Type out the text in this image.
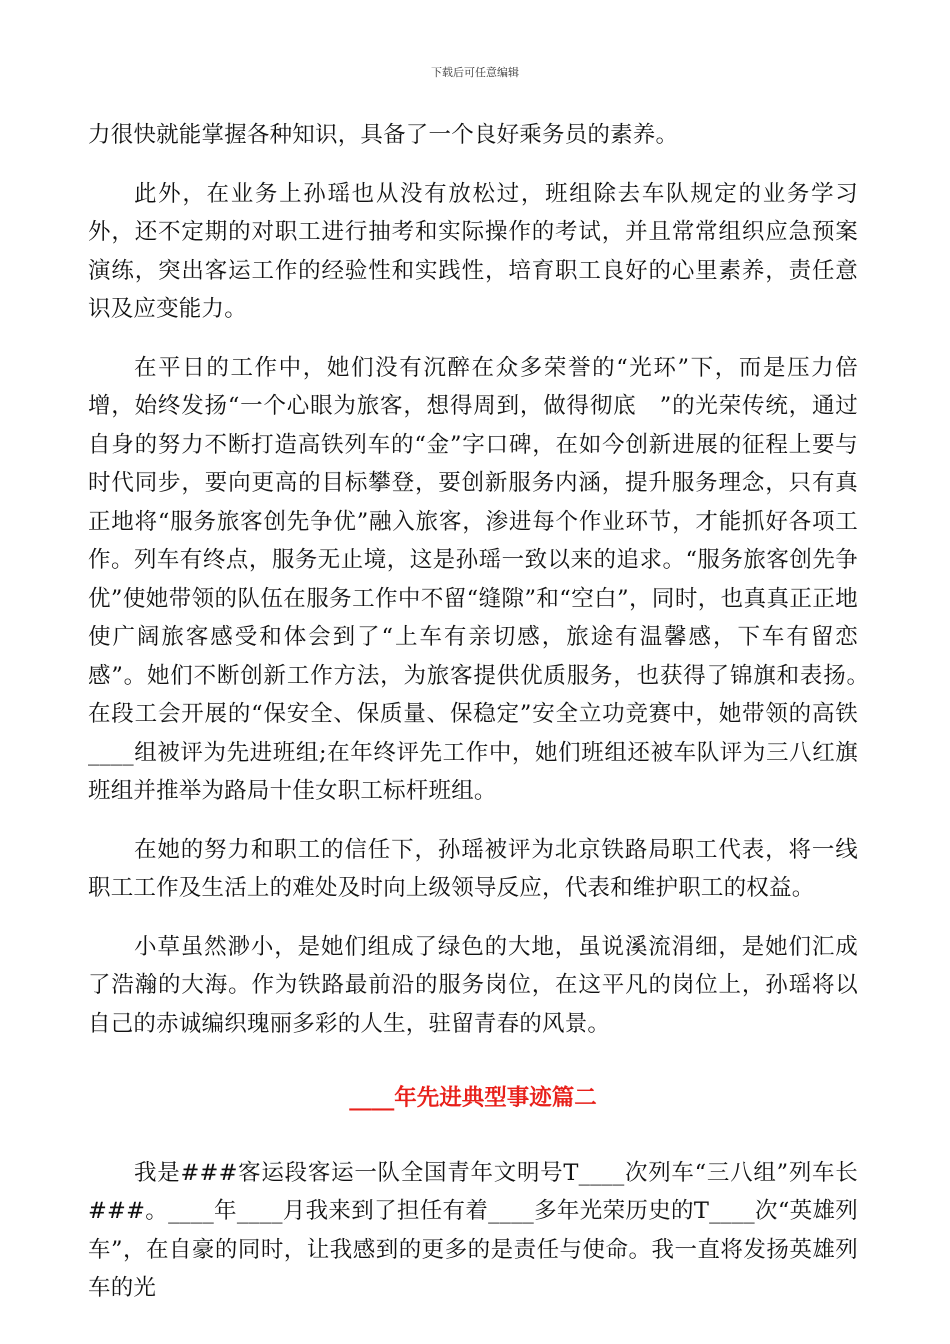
下载后可任意编辑

力很快就能掌握各种知识，具备了一个良好乘务员的素养。

此外，在业务上孙瑶也从没有放松过，班组除去车队规定的业务学习外，还不定期的对职工进行抽考和实际操作的考试，并且常常组织应急预案演练，突出客运工作的经验性和实践性，培育职工良好的心里素养，责任意识及应变能力。

在平日的工作中，她们没有沉醉在众多荣誉的“光环”下，而是压力倍增，始终发扬“一个心眼为旅客，想得周到，做得彻底　”的光荣传统，通过自身的努力不断打造高铁列车的“金”字口碑，在如今创新进展的征程上要与时代同步，要向更高的目标攀登，要创新服务内涵，提升服务理念，只有真正地将“服务旅客创先争优”融入旅客，渗进每个作业环节，才能抓好各项工作。列车有终点，服务无止境，这是孙瑶一致以来的追求。“服务旅客创先争优”使她带领的队伍在服务工作中不留“缝隙”和“空白”，同时，也真真正正地使广阔旅客感受和体会到了“上车有亲切感，旅途有温馨感，下车有留恋感”。她们不断创新工作方法，为旅客提供优质服务，也获得了锦旗和表扬。　在段工会开展的“保安全、保质量、保稳定”安全立功竞赛中，她带领的高铁____组被评为先进班组;在年终评先工作中，她们班组还被车队评为三八红旗班组并推举为路局十佳女职工标杆班组。

在她的努力和职工的信任下，孙瑶被评为北京铁路局职工代表，将一线职工工作及生活上的难处及时向上级领导反应，代表和维护职工的权益。

小草虽然渺小，是她们组成了绿色的大地，虽说溪流涓细，是她们汇成了浩瀚的大海。作为铁路最前沿的服务岗位，在这平凡的岗位上，孙瑶将以自己的赤诚编织瑰丽多彩的人生，驻留青春的风景。

____年先进典型事迹篇二

我是###客运段客运一队全国青年文明号T____次列车“三八组”列车长###。____年____月我来到了担任有着____多年光荣历史的T____次“英雄列车”，在自豪的同时，让我感到的更多的是责任与使命。我一直将发扬英雄列车的光
